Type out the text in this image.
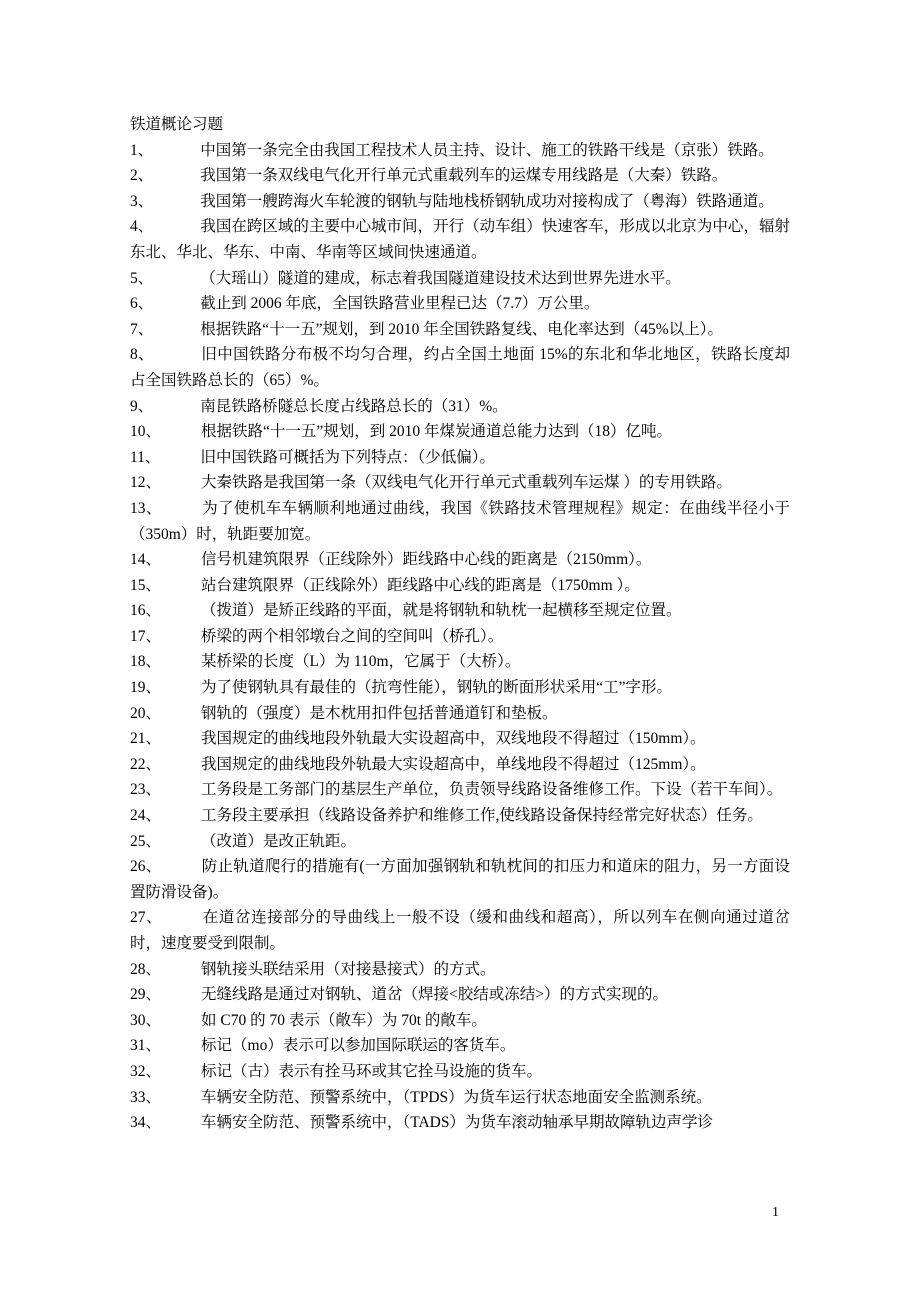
铁道概论习题

1、	中国第一条完全由我国工程技术人员主持、设计、施工的铁路干线是（京张）铁路。

2、	我国第一条双线电气化开行单元式重载列车的运煤专用线路是（大秦）铁路。

3、	我国第一艘跨海火车轮渡的钢轨与陆地栈桥钢轨成功对接构成了（粤海）铁路通道。

4、	我国在跨区域的主要中心城市间，开行（动车组）快速客车，形成以北京为中心，辐射东北、华北、华东、中南、华南等区域间快速通道。

5、	（大瑶山）隧道的建成，标志着我国隧道建设技术达到世界先进水平。

6、	截止到 2006 年底，全国铁路营业里程已达（7.7）万公里。

7、	根据铁路“十一五”规划，到 2010 年全国铁路复线、电化率达到（45%以上）。

8、	旧中国铁路分布极不均匀合理，约占全国土地面 15%的东北和华北地区，铁路长度却占全国铁路总长的（65）%。

9、	南昆铁路桥隧总长度占线路总长的（31）%。

10、	根据铁路“十一五”规划，到 2010 年煤炭通道总能力达到（18）亿吨。

11、	旧中国铁路可概括为下列特点：（少低偏）。

12、	大秦铁路是我国第一条（双线电气化开行单元式重载列车运煤 ）的专用铁路。

13、	为了使机车车辆顺利地通过曲线，我国《铁路技术管理规程》规定：在曲线半径小于（350m）时，轨距要加宽。

14、	信号机建筑限界（正线除外）距线路中心线的距离是（2150mm）。

15、	站台建筑限界（正线除外）距线路中心线的距离是（1750mm ）。

16、	（拨道）是矫正线路的平面，就是将钢轨和轨枕一起横移至规定位置。

17、	桥梁的两个相邻墩台之间的空间叫（桥孔）。

18、	某桥梁的长度（L）为 110m，它属于（大桥）。

19、	为了使钢轨具有最佳的（抗弯性能），钢轨的断面形状采用“工”字形。

20、	钢轨的（强度）是木枕用扣件包括普通道钉和垫板。

21、	我国规定的曲线地段外轨最大实设超高中，双线地段不得超过（150mm）。

22、	我国规定的曲线地段外轨最大实设超高中，单线地段不得超过（125mm）。

23、	工务段是工务部门的基层生产单位，负责领导线路设备维修工作。下设（若干车间）。

24、	工务段主要承担（线路设备养护和维修工作,使线路设备保持经常完好状态）任务。

25、	（改道）是改正轨距。

26、	防止轨道爬行的措施有(一方面加强钢轨和轨枕间的扣压力和道床的阻力，另一方面设置防滑设备)。

27、	在道岔连接部分的导曲线上一般不设（缓和曲线和超高），所以列车在侧向通过道岔时，速度要受到限制。

28、	钢轨接头联结采用（对接悬接式）的方式。

29、	无缝线路是通过对钢轨、道岔（焊接<胶结或冻结>）的方式实现的。

30、	如 C70 的 70 表示（敞车）为 70t 的敞车。

31、	标记（mo）表示可以参加国际联运的客货车。

32、	标记（古）表示有拴马环或其它拴马设施的货车。

33、	车辆安全防范、预警系统中，（TPDS）为货车运行状态地面安全监测系统。

34、	车辆安全防范、预警系统中，（TADS）为货车滚动轴承早期故障轨边声学诊

1
